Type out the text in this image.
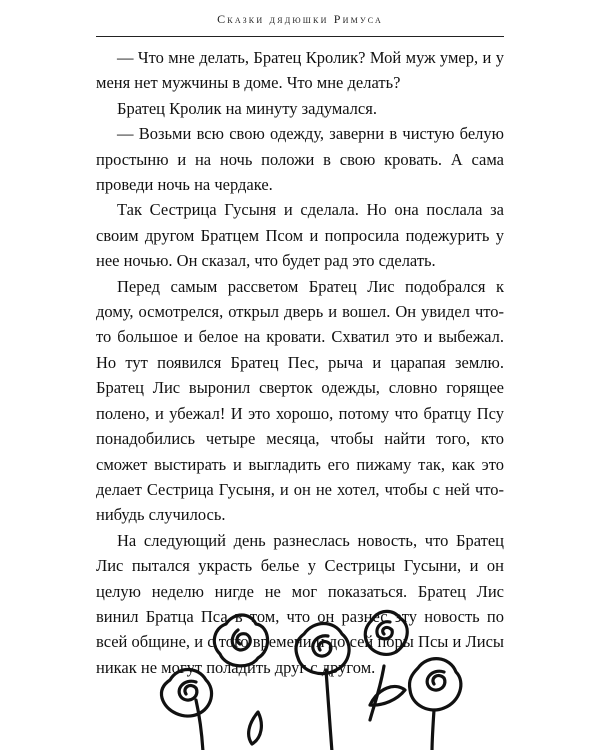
Сказки дядюшки Римуса

— Что мне делать, Братец Кролик? Мой муж умер, и у меня нет мужчины в доме. Что мне делать?

Братец Кролик на минуту задумался.

— Возьми всю свою одежду, заверни в чистую белую простыню и на ночь положи в свою кровать. А сама проведи ночь на чердаке.

Так Сестрица Гусыня и сделала. Но она послала за своим другом Братцем Псом и попросила подежурить у нее ночью. Он сказал, что будет рад это сделать.

Перед самым рассветом Братец Лис подобрался к дому, осмотрелся, открыл дверь и вошел. Он увидел что-то большое и белое на кровати. Схватил это и выбежал. Но тут появился Братец Пес, рыча и царапая землю. Братец Лис выронил сверток одежды, словно горящее полено, и убежал! И это хорошо, потому что братцу Псу понадобились четыре месяца, чтобы найти того, кто сможет выстирать и выгладить его пижаму так, как это делает Сестрица Гусыня, и он не хотел, чтобы с ней что-нибудь случилось.

На следующий день разнеслась новость, что Братец Лис пытался украсть белье у Сестрицы Гусыни, и он целую неделю нигде не мог показаться. Братец Лис винил Братца Пса в том, что он разнес эту новость по всей общине, и с того времени и до сей поры Псы и Лисы никак не могут поладить друг с другом.
